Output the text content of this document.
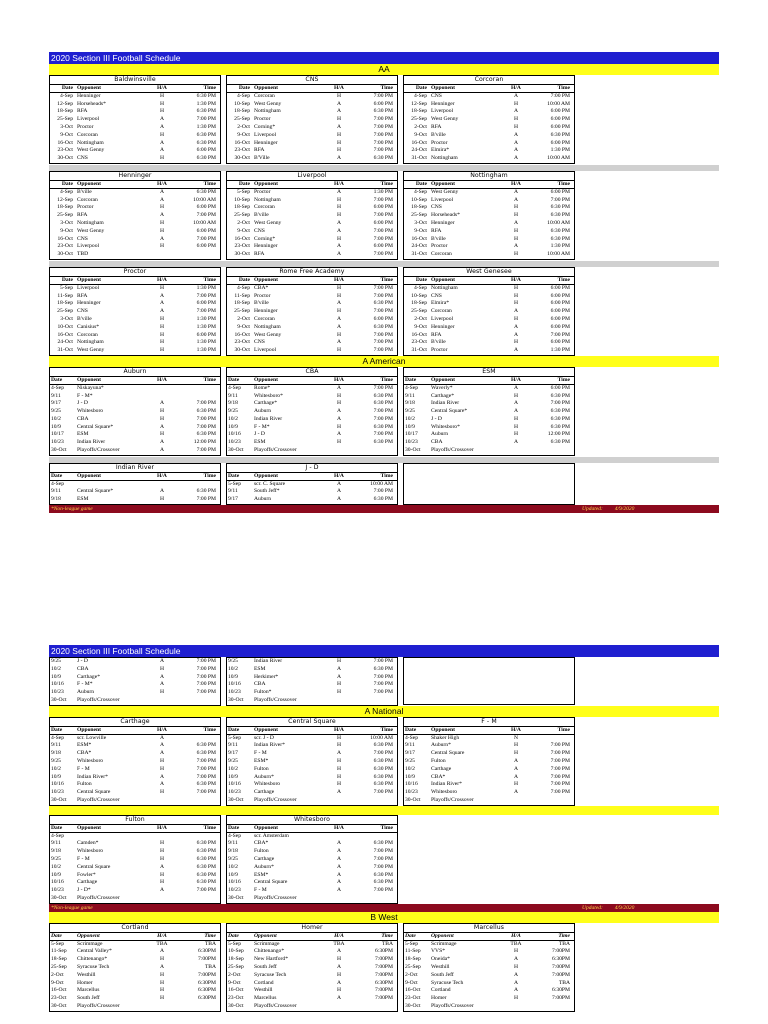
2020 Section III Football Schedule
AA
Baldwinsville
Date Opponent	H/A	Time
4-Sep Henninger	H	6:30 PM
12-Sep Horseheads*	H	1:30 PM
18-Sep RFA	H	6:30 PM
25-Sep Liverpool	A	7:00 PM
3-Oct Proctor	A	1:30 PM
9-Oct Corcoran	H	6:30 PM
16-Oct Nottingham	A	6:30 PM
23-Oct West Genny	A	6:00 PM
30-Oct CNS	H	6:30 PM
CNS
Date Opponent	H/A	Time
4-Sep Corcoran	H	7:00 PM
10-Sep West Genny	A	6:00 PM
18-Sep Nottingham	A	6:30 PM
25-Sep Proctor	H	7:00 PM
2-Oct Corning*	A	7:00 PM
9-Oct Liverpool	H	7:00 PM
16-Oct Henninger	H	7:00 PM
23-Oct RFA	H	7:00 PM
30-Oct B'Ville	A	6:30 PM
Corcoran
Date Opponent	H/A	Time
4-Sep CNS	A	7:00 PM
12-Sep Henninger	H	10:00 AM
18-Sep Liverpool	A	6:00 PM
25-Sep West Genny	H	6:00 PM
2-Oct RFA	H	6:00 PM
9-Oct B'ville	A	6:30 PM
16-Oct Proctor	A	6:00 PM
24-Oct Elmira*	A	1:30 PM
31-Oct Nottingham	A	10:00 AM
Henninger
Date Opponent	H/A	Time
4-Sep B'ville	A	6:30 PM
12-Sep Corcoran	A	10:00 AM
18-Sep Proctor	H	6:00 PM
25-Sep RFA	A	7:00 PM
3-Oct Nottingham	H	10:00 AM
9-Oct West Genny	H	6:00 PM
16-Oct CNS	A	7:00 PM
23-Oct Liverpool	H	6:00 PM
30-Oct TBD
Liverpool
Date Opponent	H/A	Time
5-Sep Proctor	A	1:30 PM
10-Sep Nottingham	H	7:00 PM
18-Sep Corcoran	H	6:00 PM
25-Sep B'ville	H	7:00 PM
2-Oct West Genny	A	6:00 PM
9-Oct CNS	A	7:00 PM
16-Oct Corning*	H	7:00 PM
23-Oct Henninger	A	6:00 PM
30-Oct RFA	A	7:00 PM
Nottingham
Date Opponent	H/A	Time
4-Sep West Genny	A	6:00 PM
10-Sep Liverpool	A	7:00 PM
18-Sep CNS	H	6:30 PM
25-Sep Horseheads*	H	6:30 PM
3-Oct Henninger	A	10:00 AM
9-Oct RFA	H	6:30 PM
16-Oct B'ville	H	6:30 PM
24-Oct Proctor	A	1:30 PM
31-Oct Corcoran	H	10:00 AM
Proctor
Date Opponent	H/A	Time
5-Sep Liverpool	H	1:30 PM
11-Sep RFA	A	7:00 PM
18-Sep Henninger	A	6:00 PM
25-Sep CNS	A	7:00 PM
3-Oct B'ville	H	1:30 PM
10-Oct Canisius*	H	1:30 PM
16-Oct Corcoran	H	6:00 PM
24-Oct Nottingham	H	1:30 PM
31-Oct West Genny	H	1:30 PM
Rome Free Academy
Date Opponent	H/A	Time
4-Sep CBA*	H	7:00 PM
11-Sep Proctor	H	7:00 PM
18-Sep B'ville	A	6:30 PM
25-Sep Henninger	H	7:00 PM
2-Oct Corcoran	A	6:00 PM
9-Oct Nottingham	A	6:30 PM
16-Oct West Genny	H	7:00 PM
23-Oct CNS	A	7:00 PM
30-Oct Liverpool	H	7:00 PM
West Genesee
Date Opponent	H/A	Time
4-Sep Nottingham	H	6:00 PM
10-Sep CNS	H	6:00 PM
18-Sep Elmira*	H	6:00 PM
25-Sep Corcoran	A	6:00 PM
2-Oct Liverpool	H	6:00 PM
9-Oct Henninger	A	6:00 PM
16-Oct RFA	A	7:00 PM
23-Oct B'ville	H	6:00 PM
31-Oct Proctor	A	1:30 PM
A American
Auburn
Date	Opponent	H/A	Time
4-Sep	Niskayuna*
9/11	F - M*
9/17	J - D	A	7:00 PM
9/25	Whitesboro	H	6:30 PM
10/2	CBA	H	7:00 PM
10/9	Central Square*	A	7:00 PM
10/17	ESM	H	6:30 PM
10/23	Indian River	A	12:00 PM
30-Oct	Playoffs/Crossover	A	7:00 PM
CBA
Date	Opponent	H/A	Time
4-Sep	Rome*	A	7:00 PM
9/11	Whitesboro*	H	6:30 PM
9/18	Carthage*	H	6:30 PM
9/25	Auburn	A	7:00 PM
10/2	Indian River	A	7:00 PM
10/9	F - M*	H	6:30 PM
10/16	J - D	A	7:00 PM
10/23	ESM	H	6:30 PM
30-Oct	Playoffs/Crossover
ESM
Date	Opponent	H/A	Time
4-Sep	Waverly*	A	6:00 PM
9/11	Carthage*	H	6:30 PM
9/18	Indian River	A	7:00 PM
9/25	Central Square*	A	6:30 PM
10/2	J - D	H	6:30 PM
10/9	Whitesboro*	H	6:30 PM
10/17	Auburn	H	12:00 PM
10/23	CBA	A	6:30 PM
30-Oct	Playoffs/Crossover
Indian River
Date	Opponent	H/A	Time
4-Sep
9/11	Central Square*	A	6:30 PM
9/18	ESM	H	7:00 PM
J - D
Date	Opponent	H/A	Time
5-Sep	scr. C. Square	A	10:00 AM
9/11	South Jeff*	A	7:00 PM
9/17	Auburn	A	6:30 PM
*Non-league game	Updated: 4/9/2020
2020 Section III Football Schedule
9/25	J - D	A	7:00 PM
10/2	CBA	H	7:00 PM
10/9	Carthage*	A	7:00 PM
10/16	F - M*	A	7:00 PM
10/23	Auburn	H	7:00 PM
30-Oct	Playoffs/Crossover
9/25	Indian River	H	7:00 PM
10/2	ESM	A	6:30 PM
10/9	Herkimer*	A	7:00 PM
10/16	CBA	H	7:00 PM
10/23	Fulton*	H	7:00 PM
30-Oct	Playoffs/Crossover
A National
Carthage
Date	Opponent	H/A	Time
4-Sep	scr. Lowville	A
9/11	ESM*	A	6:30 PM
9/18	CBA*	A	6:30 PM
9/25	Whitesboro	H	7:00 PM
10/2	F - M	H	7:00 PM
10/9	Indian River*	A	7:00 PM
10/16	Fulton	A	6:30 PM
10/23	Central Square	H	7:00 PM
30-Oct	Playoffs/Crossover
Central Square
Date	Opponent	H/A	Time
5-Sep	scr. J - D	H	10:00 AM
9/11	Indian River*	H	6:30 PM
9/17	F - M	A	7:00 PM
9/25	ESM*	H	6:30 PM
10/2	Fulton	H	6:30 PM
10/9	Auburn*	H	6:30 PM
10/16	Whitesboro	H	6:30 PM
10/23	Carthage	A	7:00 PM
30-Oct	Playoffs/Crossover
F - M
Date	Opponent	H/A	Time
4-Sep	Shaker High	N
9/11	Auburn*	H	7:00 PM
9/17	Central Square	H	7:00 PM
9/25	Fulton	A	7:00 PM
10/2	Carthage	A	7:00 PM
10/9	CBA*	A	7:00 PM
10/16	Indian River*	H	7:00 PM
10/23	Whitesboro	A	7:00 PM
30-Oct	Playoffs/Crossover
Fulton
Date	Opponent	H/A	Time
4-Sep
9/11	Camden*	H	6:30 PM
9/18	Whitesboro	H	6:30 PM
9/25	F - M	H	6:30 PM
10/2	Central Square	A	6:30 PM
10/9	Fowler*	H	6:30 PM
10/16	Carthage	H	6:30 PM
10/23	J - D*	A	7:00 PM
30-Oct	Playoffs/Crossover
Whitesboro
Date	Opponent	H/A	Time
4-Sep	scr. Amsterdam
9/11	CBA*	A	6:30 PM
9/18	Fulton	A	7:00 PM
9/25	Carthage	A	7:00 PM
10/2	Auburn*	A	7:00 PM
10/9	ESM*	A	6:30 PM
10/16	Central Square	A	6:30 PM
10/23	F - M	A	7:00 PM
30-Oct	Playoffs/Crossover
*Non-league game	Updated: 4/9/2020
B West
Cortland
Date	Opponent	H/A	Time
5-Sep	Scrimmage	TBA	TBA
11-Sep	Central Valley*	A	6:30PM
18-Sep	Chittenango*	H	7:00PM
25-Sep	Syracuse Tech	A	TBA
2-Oct	Westhill	H	7:00PM
9-Oct	Homer	H	6:30PM
16-Oct	Marcellus	H	6:30PM
23-Oct	South Jeff	H	6:30PM
30-Oct	Playoffs/Crossover
Homer
Date	Opponent	H/A	Time
5-Sep	Scrimmage	TBA	TBA
10-Sep	Chittenango*	A	6:30PM
18-Sep	New Hartford*	H	7:00PM
25-Sep	South Jeff	A	7:00PM
2-Oct	Syracuse Tech	H	7:00PM
9-Oct	Cortland	A	6:30PM
16-Oct	Westhill	H	7:00PM
23-Oct	Marcellus	A	7:00PM
30-Oct	Playoffs/Crossover
Marcellus
Date	Opponent	H/A	Time
5-Sep	Scrimmage	TBA	TBA
11-Sep	VVS*	H	7:00PM
18-Sep	Oneida*	A	6:30PM
25-Sep	Westhill	H	7:00PM
2-Oct	South Jeff	A	7:00PM
9-Oct	Syracuse Tech	A	TBA
16-Oct	Cortland	A	6:30PM
23-Oct	Homer	H	7:00PM
30-Oct	Playoffs/Crossover
